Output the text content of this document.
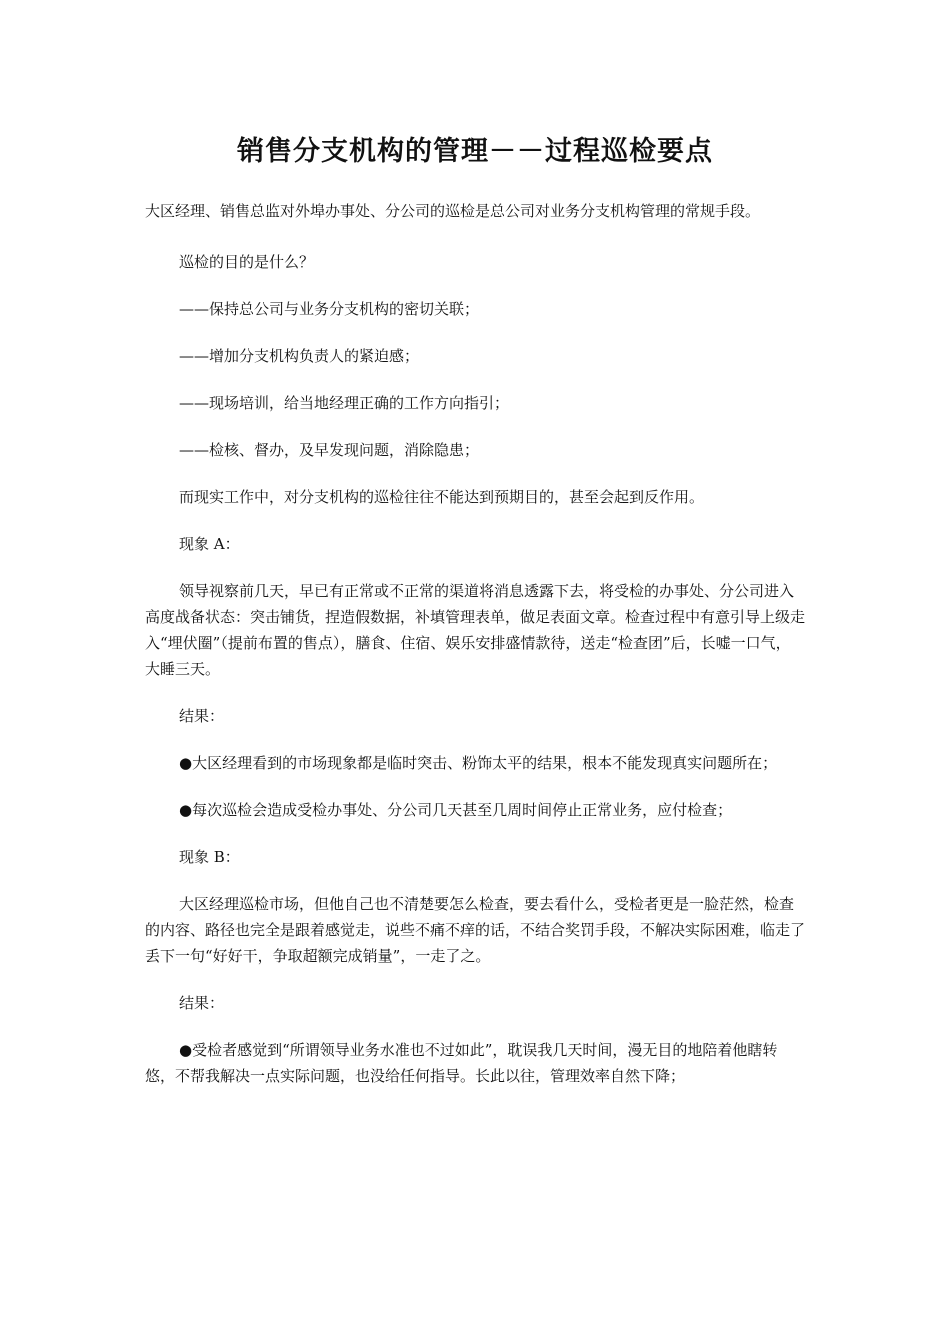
销售分支机构的管理－－过程巡检要点

大区经理、销售总监对外埠办事处、分公司的巡检是总公司对业务分支机构管理的常规手段。

巡检的目的是什么？

——保持总公司与业务分支机构的密切关联；

——增加分支机构负责人的紧迫感；

——现场培训，给当地经理正确的工作方向指引；

——检核、督办，及早发现问题，消除隐患；

而现实工作中，对分支机构的巡检往往不能达到预期目的，甚至会起到反作用。

现象 A：

领导视察前几天，早已有正常或不正常的渠道将消息透露下去，将受检的办事处、分公司进入高度战备状态：突击铺货，捏造假数据，补填管理表单，做足表面文章。检查过程中有意引导上级走入“埋伏圈”（提前布置的售点），膳食、住宿、娱乐安排盛情款待，送走“检查团”后，长嘘一口气，大睡三天。

结果：

●大区经理看到的市场现象都是临时突击、粉饰太平的结果，根本不能发现真实问题所在；

●每次巡检会造成受检办事处、分公司几天甚至几周时间停止正常业务，应付检查；

现象 B：

大区经理巡检市场，但他自己也不清楚要怎么检查，要去看什么，受检者更是一脸茫然，检查的内容、路径也完全是跟着感觉走，说些不痛不痒的话，不结合奖罚手段，不解决实际困难，临走了丢下一句“好好干，争取超额完成销量”，一走了之。

结果：

●受检者感觉到“所谓领导业务水准也不过如此”，耽误我几天时间，漫无目的地陪着他瞎转悠，不帮我解决一点实际问题，也没给任何指导。长此以往，管理效率自然下降；
